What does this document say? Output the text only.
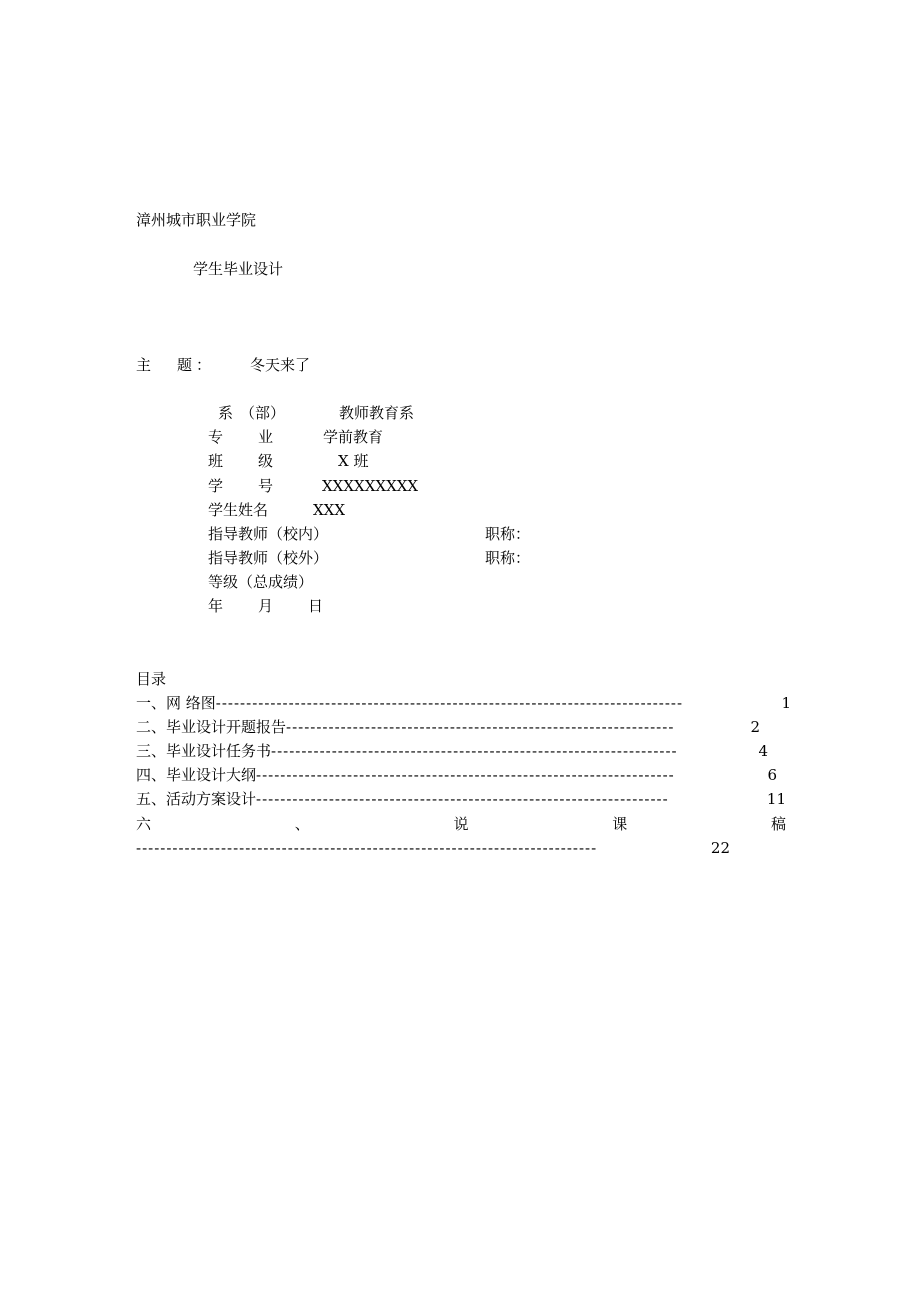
漳州城市职业学院
学生毕业设计
主 题 ：	冬天来了
系 （部）	教师教育系
专 业	学前教育
班 级	X 班
学 号	XXXXXXXXX
学生姓名	XXX
指导教师（校内）	职称：
指导教师（校外）	职称：
等级（总成绩）
年 月 日
目录
一、网 络图 -----------------------------------------------------------------------------	1
二、毕业设计开题报告 ----------------------------------------------------------------	2
三、毕业设计任务书 -------------------------------------------------------------------	4
四、毕业设计大纲 ---------------------------------------------------------------------	6
五、活动方案设计 --------------------------------------------------------------------	11
六	、	说	课	稿
----------------------------------------------------------------------------	22
